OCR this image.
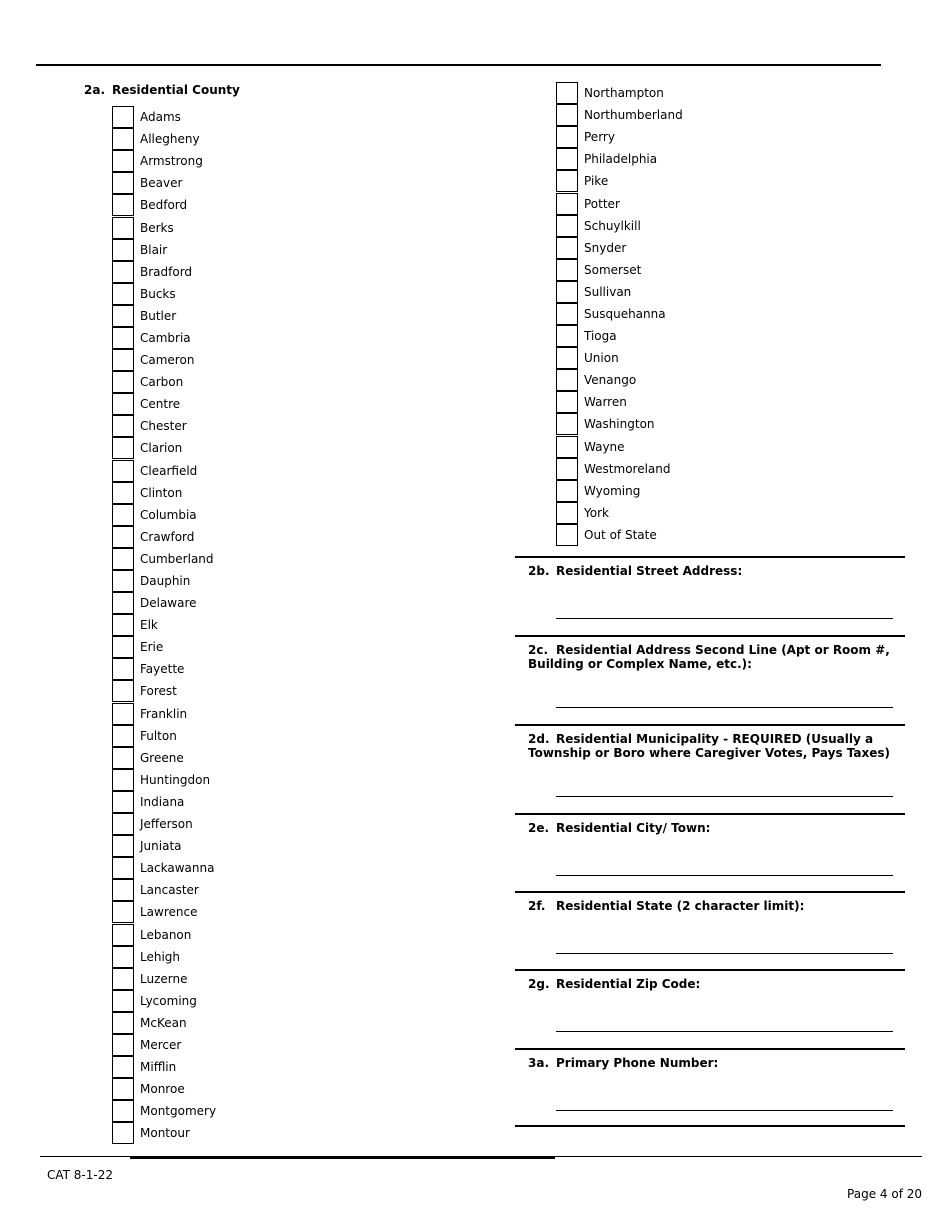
2a. Residential County
Adams
Allegheny
Armstrong
Beaver
Bedford
Berks
Blair
Bradford
Bucks
Butler
Cambria
Cameron
Carbon
Centre
Chester
Clarion
Clearfield
Clinton
Columbia
Crawford
Cumberland
Dauphin
Delaware
Elk
Erie
Fayette
Forest
Franklin
Fulton
Greene
Huntingdon
Indiana
Jefferson
Juniata
Lackawanna
Lancaster
Lawrence
Lebanon
Lehigh
Luzerne
Lycoming
McKean
Mercer
Mifflin
Monroe
Montgomery
Montour
Northampton
Northumberland
Perry
Philadelphia
Pike
Potter
Schuylkill
Snyder
Somerset
Sullivan
Susquehanna
Tioga
Union
Venango
Warren
Washington
Wayne
Westmoreland
Wyoming
York
Out of State
2b. Residential Street Address:
2c. Residential Address Second Line (Apt or Room #, Building or Complex Name, etc.):
2d. Residential Municipality - REQUIRED (Usually a Township or Boro where Caregiver Votes, Pays Taxes)
2e. Residential City/ Town:
2f. Residential State (2 character limit):
2g. Residential Zip Code:
3a. Primary Phone Number:
CAT 8-1-22
Page 4 of 20
